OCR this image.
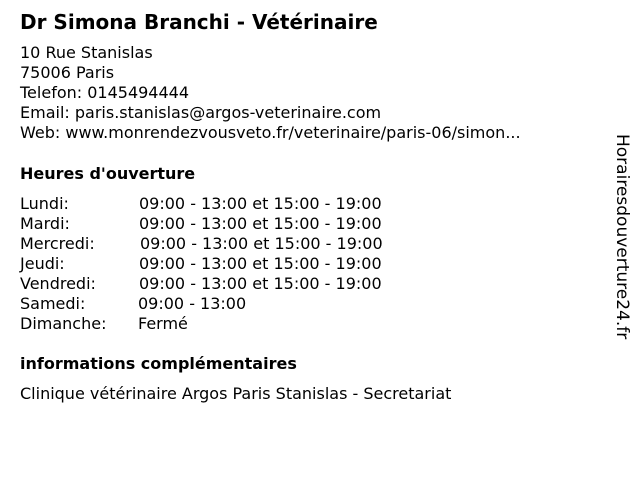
Dr Simona Branchi - Vétérinaire
10 Rue Stanislas
75006 Paris
Telefon: 0145494444
Email: paris.stanislas@argos-veterinaire.com
Web: www.monrendezvousveto.fr/veterinaire/paris-06/simon...
Heures d'ouverture
Lundi:	09:00 - 13:00 et 15:00 - 19:00
Mardi:	09:00 - 13:00 et 15:00 - 19:00
Mercredi:	09:00 - 13:00 et 15:00 - 19:00
Jeudi:	09:00 - 13:00 et 15:00 - 19:00
Vendredi:	09:00 - 13:00 et 15:00 - 19:00
Samedi:	09:00 - 13:00
Dimanche: Fermé
informations complémentaires
Clinique vétérinaire Argos Paris Stanislas - Secretariat
Horairesdouverture24.fr
